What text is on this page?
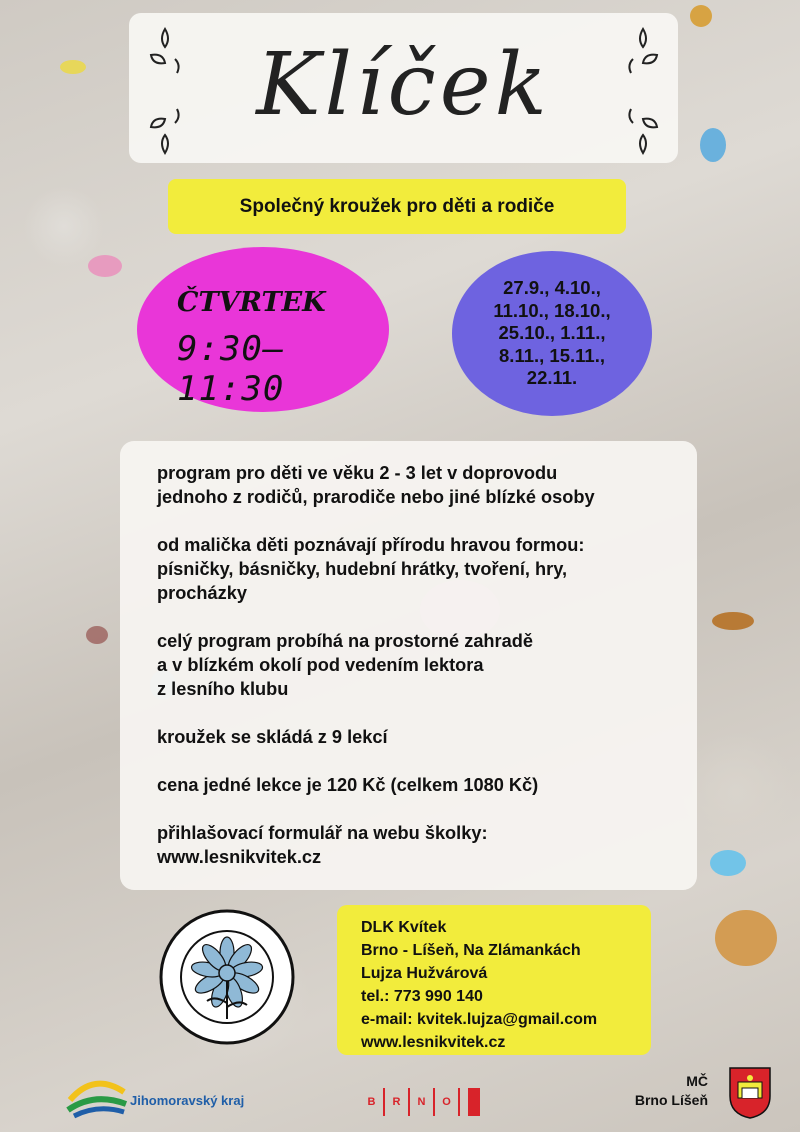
Klíček
Společný kroužek pro děti a rodiče
ČTVRTEK
9:30–11:30
27.9., 4.10.,
11.10., 18.10.,
25.10., 1.11.,
8.11., 15.11.,
22.11.

program pro děti ve věku 2 - 3 let v doprovodu
jednoho z rodičů, prarodiče nebo jiné blízké osoby

od malička děti poznávají přírodu hravou formou:
písničky, básničky, hudební hrátky, tvoření, hry,
procházky

celý program probíhá na prostorné zahradě
a v blízkém okolí pod vedením lektora
z lesního klubu

kroužek se skládá z 9 lekcí

cena jedné lekce je 120 Kč (celkem 1080 Kč)

přihlašovací formulář na webu školky:
www.lesnikvitek.cz

DLK Kvítek
Brno - Líšeň, Na Zlámankách
Lujza Hužvárová
tel.: 773 990 140
e-mail: kvitek.lujza@gmail.com
www.lesnikvitek.cz
Jihomoravský kraj	B	R	N	O
MČ
Brno Líšeň
